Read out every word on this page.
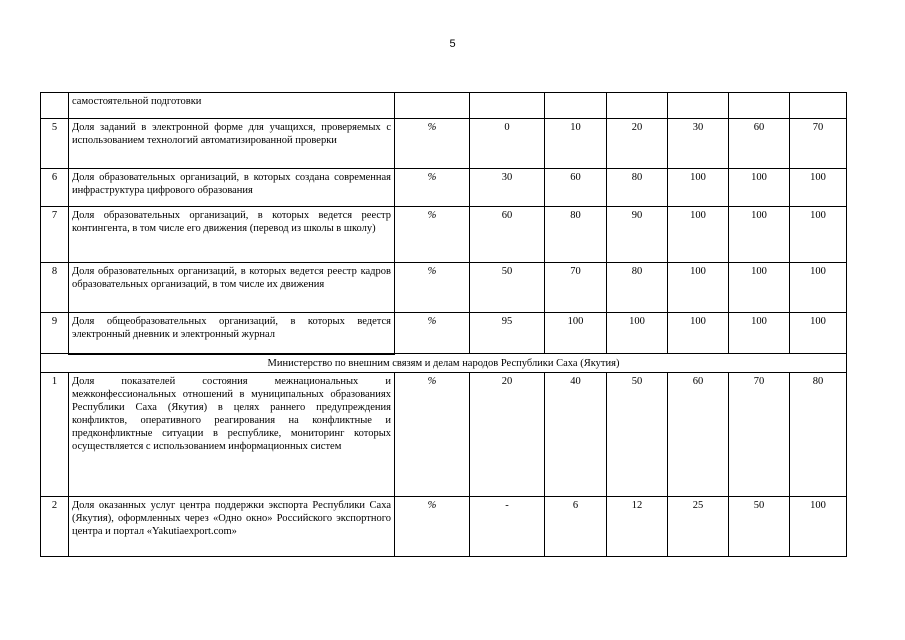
5
	самостоятельной подготовки							
5	Доля заданий в электронной форме для учащихся, проверяемых с использованием технологий автоматизированной проверки	%	0	10	20	30	60	70
6	Доля образовательных организаций, в которых создана современная инфраструктура цифрового образования	%	30	60	80	100	100	100
7	Доля образовательных организаций, в которых ведется реестр контингента, в том числе его движения (перевод из школы в школу)	%	60	80	90	100	100	100
8	Доля образовательных организаций, в которых ведется реестр кадров образовательных организаций, в том числе их движения	%	50	70	80	100	100	100
9	Доля общеобразовательных организаций, в которых ведется электронный дневник и электронный журнал	%	95	100	100	100	100	100
Министерство по внешним связям и делам народов Республики Саха (Якутия)								
1	Доля показателей состояния межнациональных и межконфессиональных отношений в муниципальных образованиях Республики Саха (Якутия) в целях раннего предупреждения конфликтов, оперативного реагирования на конфликтные и предконфликтные ситуации в республике, мониторинг которых осуществляется с использованием информационных систем	%	20	40	50	60	70	80
2	Доля оказанных услуг центра поддержки экспорта Республики Саха (Якутия), оформленных через «Одно окно» Российского экспортного центра и портал «Yakutiaexport.com»	%	-	6	12	25	50	100
